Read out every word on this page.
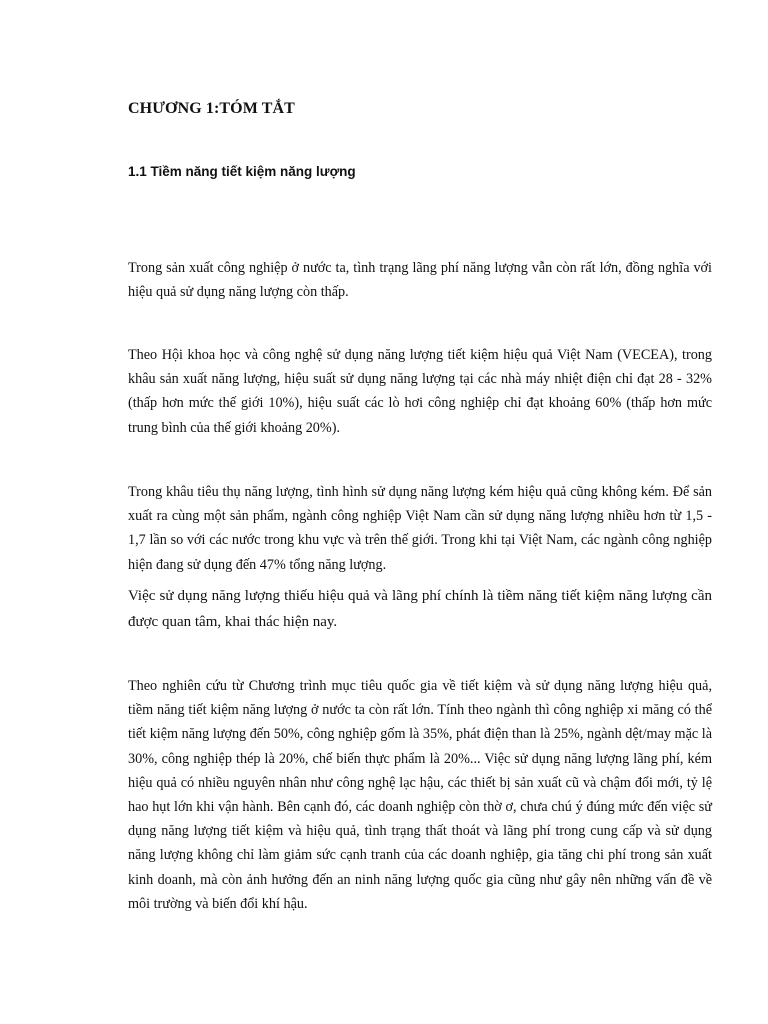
CHƯƠNG 1:TÓM TẮT
1.1 Tiềm năng tiết kiệm năng lượng

Trong sản xuất công nghiệp ở nước ta, tình trạng lãng phí năng lượng vẫn còn rất lớn, đồng nghĩa với hiệu quả sử dụng năng lượng còn thấp.

Theo Hội khoa học và công nghệ sử dụng năng lượng tiết kiệm hiệu quả Việt Nam (VECEA), trong khâu sản xuất năng lượng, hiệu suất sử dụng năng lượng tại các nhà máy nhiệt điện chỉ đạt 28 - 32% (thấp hơn mức thế giới 10%), hiệu suất các lò hơi công nghiệp chỉ đạt khoảng 60% (thấp hơn mức trung bình của thế giới khoảng 20%).

Trong khâu tiêu thụ năng lượng, tình hình sử dụng năng lượng kém hiệu quả cũng không kém. Để sản xuất ra cùng một sản phẩm, ngành công nghiệp Việt Nam cần sử dụng năng lượng nhiều hơn từ 1,5 - 1,7 lần so với các nước trong khu vực và trên thế giới. Trong khi tại Việt Nam, các ngành công nghiệp hiện đang sử dụng đến 47% tổng năng lượng.

Việc sử dụng năng lượng thiếu hiệu quả và lãng phí chính là tiềm năng tiết kiệm năng lượng cần được quan tâm, khai thác hiện nay.

Theo nghiên cứu từ Chương trình mục tiêu quốc gia về tiết kiệm và sử dụng năng lượng hiệu quả, tiềm năng tiết kiệm năng lượng ở nước ta còn rất lớn. Tính theo ngành thì công nghiệp xi măng có thể tiết kiệm năng lượng đến 50%, công nghiệp gốm là 35%, phát điện than là 25%, ngành dệt/may mặc là 30%, công nghiệp thép là 20%, chế biến thực phẩm là 20%... Việc sử dụng năng lượng lãng phí, kém hiệu quả có nhiều nguyên nhân như công nghệ lạc hậu, các thiết bị sản xuất cũ và chậm đổi mới, tỷ lệ hao hụt lớn khi vận hành. Bên cạnh đó, các doanh nghiệp còn thờ ơ, chưa chú ý đúng mức đến việc sử dụng năng lượng tiết kiệm và hiệu quả, tình trạng thất thoát và lãng phí trong cung cấp và sử dụng năng lượng không chỉ làm giảm sức cạnh tranh của các doanh nghiệp, gia tăng chi phí trong sản xuất kinh doanh, mà còn ảnh hưởng đến an ninh năng lượng quốc gia cũng như gây nên những vấn đề về môi trường và biến đổi khí hậu.
